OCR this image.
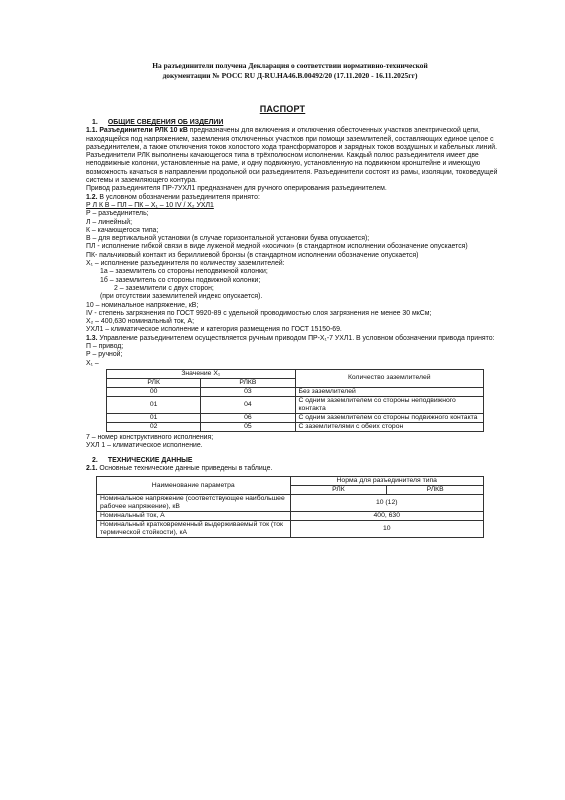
На разъединители получена Декларация о соответствии нормативно-технической
документации № РОСС RU Д-RU.НА46.В.00492/20 (17.11.2020 - 16.11.2025гг)
ПАСПОРТ

1. ОБЩИЕ СВЕДЕНИЯ ОБ ИЗДЕЛИИ

1.1. Разъединители РЛК 10 кВ предназначены для включения и отключения обесточенных участков электрической цепи, находящейся под напряжением, заземления отключенных участков при помощи заземлителей, составляющих единое целое с разъединителем, а также отключения токов холостого хода трансформаторов и зарядных токов воздушных и кабельных линий.

Разъединители РЛК выполнены качающегося типа в трёхполюсном исполнении. Каждый полюс разъединителя имеет две неподвижные колонки, установленные на раме, и одну подвижную, установленную на подвижном кронштейне и имеющую возможность качаться в направлении продольной оси разъединителя. Разъединители состоят из рамы, изоляции, токоведущей системы и заземляющего контура.

Привод разъединителя ПР-7УХЛ1 предназначен для ручного оперирования разъединителем.

1.2. В условном обозначении разъединителя принято:

Р Л К В – ПЛ – ПК – Х₁ – 10 IV / Х₂ УХЛ1

Р – разъединитель;

Л – линейный;

К – качающегося типа;

В – для вертикальной установки (в случае горизонтальной установки буква опускается);

ПЛ - исполнение гибкой связи в виде луженой медной «косички» (в стандартном исполнении обозначение опускается)

ПК- пальчиковый контакт из бериллиевой бронзы (в стандартном исполнении обозначение опускается)

Х₁ – исполнение разъединителя по количеству заземлителей:

1а – заземлитель со стороны неподвижной колонки;

1б – заземлитель со стороны подвижной колонки;

2 – заземлители с двух сторон;

(при отсутствии заземлителей индекс опускается).

10 – номинальное напряжение, кВ;

IV - степень загрязнения по ГОСТ 9920-89 с удельной проводимостью слоя загрязнения не менее 30 мкСм;

Х₂ – 400,630 номинальный ток, А;

УХЛ1 – климатическое исполнение и категория размещения по ГОСТ 15150-69.

1.3. Управление разъединителем осуществляется ручным приводом ПР-Х₁-7 УХЛ1. В условном обозначении привода принято:

П – привод;

Р – ручной;

Х₁ –

Значение Х₁		Количество заземлителей
РЛК	РЛКВ	
00	03	Без заземлителей
01	04	С одним заземлителем со стороны неподвижного контакта
01	06	С одним заземлителем со стороны подвижного контакта
02	05	С заземлителями с обеих сторон

7 – номер конструктивного исполнения;

УХЛ 1 – климатическое исполнение.

2. ТЕХНИЧЕСКИЕ ДАННЫЕ

2.1. Основные технические данные приведены в таблице.

Наименование параметра	Норма для разъединителя типа	
	РЛК	РЛКВ
Номинальное напряжение (соответствующее наибольшее рабочее напряжение), кВ	10 (12)	
Номинальный ток, А	400, 630	
Номинальный кратковременный выдерживаемый ток (ток термической стойкости), кА	10	
